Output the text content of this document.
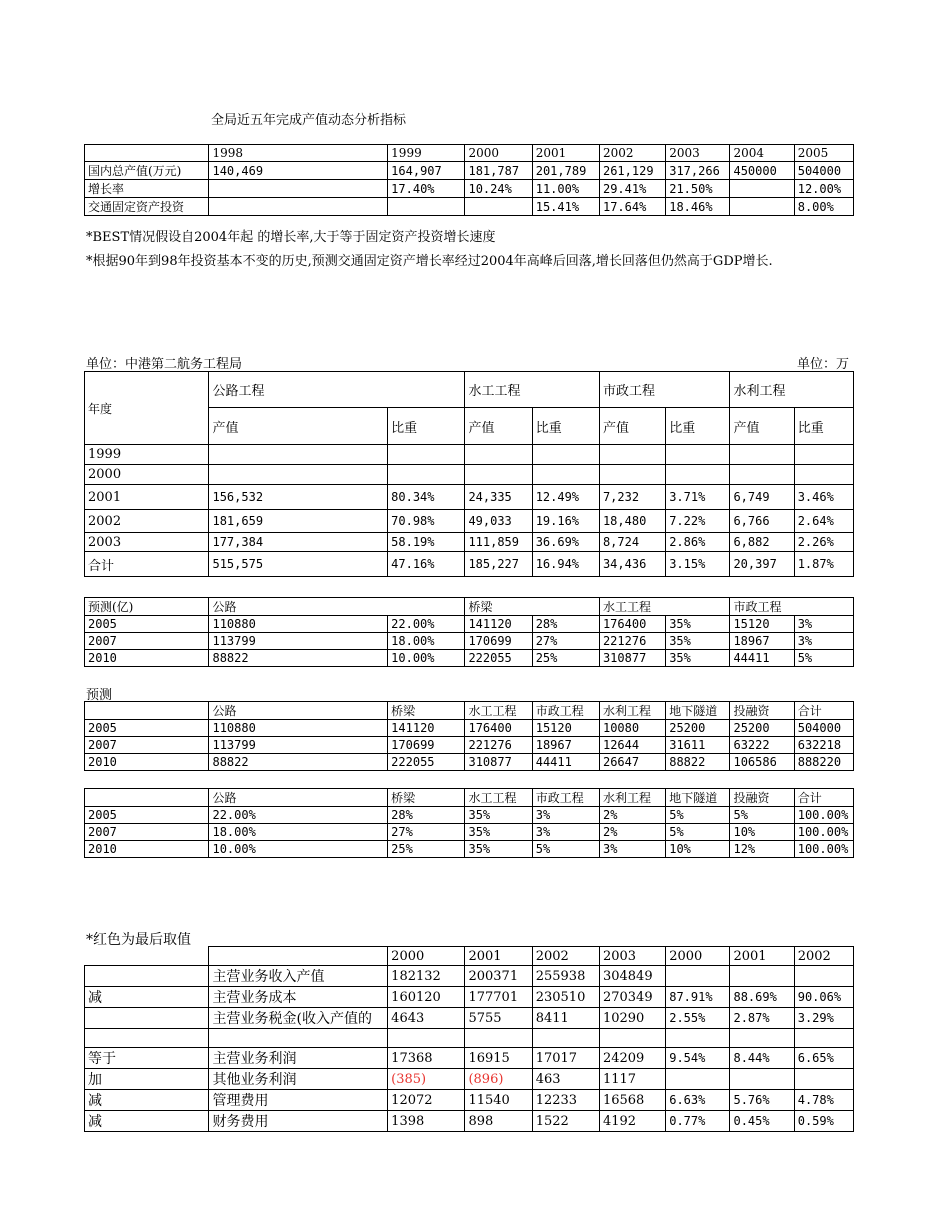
全局近五年完成产值动态分析指标
	1998	1999	2000	2001	2002	2003	2004	2005
国内总产值(万元)	140,469	164,907	181,787	201,789	261,129	317,266	450000	504000
增长率		17.40%	10.24%	11.00%	29.41%	21.50%		12.00%
交通固定资产投资				15.41%	17.64%	18.46%		8.00%
*BEST情况假设自2004年起 的增长率,大于等于固定资产投资增长速度
*根据90年到98年投资基本不变的历史,预测交通固定资产增长率经过2004年高峰后回落,增长回落但仍然高于GDP增长.
单位：中港第二航务工程局	单位：万
年度	公路工程		水工工程		市政工程		水利工程	
	产值	比重	产值	比重	产值	比重	产值	比重
1999								
2000								
2001	156,532	80.34%	24,335	12.49%	7,232	3.71%	6,749	3.46%
2002	181,659	70.98%	49,033	19.16%	18,480	7.22%	6,766	2.64%
2003	177,384	58.19%	111,859	36.69%	8,724	2.86%	6,882	2.26%
合计	515,575	47.16%	185,227	16.94%	34,436	3.15%	20,397	1.87%
预测(亿)	公路		桥梁		水工工程		市政工程	
2005	110880	22.00%	141120	28%	176400	35%	15120	3%
2007	113799	18.00%	170699	27%	221276	35%	18967	3%
2010	88822	10.00%	222055	25%	310877	35%	44411	5%
预测
	公路	桥梁	水工工程	市政工程	水利工程	地下隧道	投融资	合计
2005	110880	141120	176400	15120	10080	25200	25200	504000
2007	113799	170699	221276	18967	12644	31611	63222	632218
2010	88822	222055	310877	44411	26647	88822	106586	888220
	公路	桥梁	水工工程	市政工程	水利工程	地下隧道	投融资	合计
2005	22.00%	28%	35%	3%	2%	5%	5%	100.00%
2007	18.00%	27%	35%	3%	2%	5%	10%	100.00%
2010	10.00%	25%	35%	5%	3%	10%	12%	100.00%
*红色为最后取值
		2000	2001	2002	2003	2000	2001	2002
	主营业务收入产值	182132	200371	255938	304849			
减	主营业务成本	160120	177701	230510	270349	87.91%	88.69%	90.06%
	主营业务税金(收入产值的	4643	5755	8411	10290	2.55%	2.87%	3.29%

等于	主营业务利润	17368	16915	17017	24209	9.54%	8.44%	6.65%
加	其他业务利润	(385)	(896)	463	1117			
减	管理费用	12072	11540	12233	16568	6.63%	5.76%	4.78%
减	财务费用	1398	898	1522	4192	0.77%	0.45%	0.59%
